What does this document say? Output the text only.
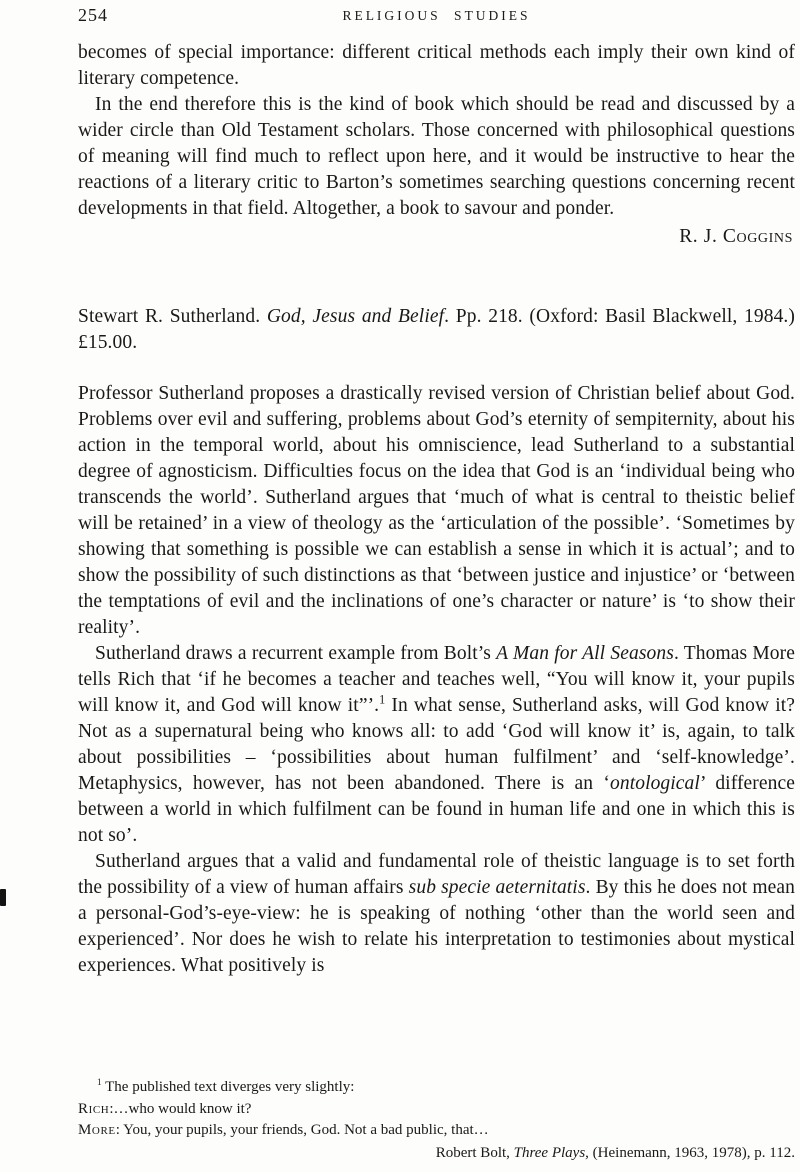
254	RELIGIOUS STUDIES

becomes of special importance: different critical methods each imply their own kind of literary competence.

In the end therefore this is the kind of book which should be read and discussed by a wider circle than Old Testament scholars. Those concerned with philosophical questions of meaning will find much to reflect upon here, and it would be instructive to hear the reactions of a literary critic to Barton’s sometimes searching questions concerning recent developments in that field. Altogether, a book to savour and ponder.

R. J. Coggins

Stewart R. Sutherland. God, Jesus and Belief. Pp. 218. (Oxford: Basil Blackwell, 1984.) £15.00.

Professor Sutherland proposes a drastically revised version of Christian belief about God. Problems over evil and suffering, problems about God’s eternity of sempiternity, about his action in the temporal world, about his omniscience, lead Sutherland to a substantial degree of agnosticism. Difficulties focus on the idea that God is an ‘individual being who transcends the world’. Sutherland argues that ‘much of what is central to theistic belief will be retained’ in a view of theology as the ‘articulation of the possible’. ‘Sometimes by showing that something is possible we can establish a sense in which it is actual’; and to show the possibility of such distinctions as that ‘between justice and injustice’ or ‘between the temptations of evil and the inclinations of one’s character or nature’ is ‘to show their reality’.

Sutherland draws a recurrent example from Bolt’s A Man for All Seasons. Thomas More tells Rich that ‘if he becomes a teacher and teaches well, “You will know it, your pupils will know it, and God will know it”’.$^1$ In what sense, Sutherland asks, will God know it? Not as a supernatural being who knows all: to add ‘God will know it’ is, again, to talk about possibilities – ‘possibilities about human fulfilment’ and ‘self-knowledge’. Metaphysics, however, has not been abandoned. There is an ‘ontological’ difference between a world in which fulfilment can be found in human life and one in which this is not so’.

Sutherland argues that a valid and fundamental role of theistic language is to set forth the possibility of a view of human affairs sub specie aeternitatis. By this he does not mean a personal-God’s-eye-view: he is speaking of nothing ‘other than the world seen and experienced’. Nor does he wish to relate his interpretation to testimonies about mystical experiences. What positively is

$^1$ The published text diverges very slightly:

Rich:…who would know it?

More: You, your pupils, your friends, God. Not a bad public, that…

Robert Bolt, Three Plays, (Heinemann, 1963, 1978), p. 112.
